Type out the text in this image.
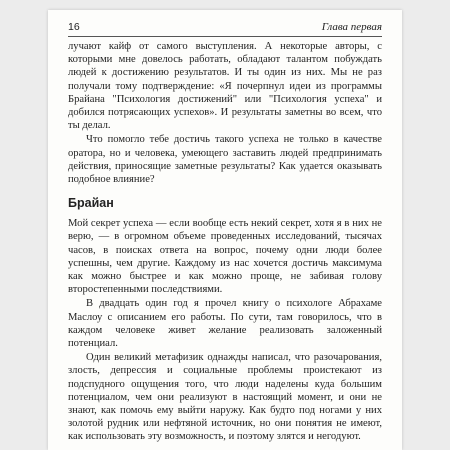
16	Глава первая

лучают кайф от самого выступления. А некоторые авторы, с которыми мне довелось работать, обладают талантом побуждать людей к достижению результатов. И ты один из них. Мы не раз получали тому подтверждение: «Я почерпнул идеи из программы Брайана "Психология достижений" или "Психология успеха" и добился потрясающих успехов». И результаты заметны во всем, что ты делал.

Что помогло тебе достичь такого успеха не только в качестве оратора, но и человека, умеющего заставить людей предпринимать действия, приносящие заметные результаты? Как удается оказывать подобное влияние?

Брайан

Мой секрет успеха — если вообще есть некий секрет, хотя я в них не верю, — в огромном объеме проведенных исследований, тысячах часов, в поисках ответа на вопрос, почему одни люди более успешны, чем другие. Каждому из нас хочется достичь максимума как можно быстрее и как можно проще, не забивая голову второстепенными последствиями.

В двадцать один год я прочел книгу о психологе Абрахаме Маслоу с описанием его работы. По сути, там говорилось, что в каждом человеке живет желание реализовать заложенный потенциал.

Один великий метафизик однажды написал, что разочарования, злость, депрессия и социальные проблемы проистекают из подспудного ощущения того, что люди наделены куда большим потенциалом, чем они реализуют в настоящий момент, и они не знают, как помочь ему выйти наружу. Как будто под ногами у них золотой рудник или нефтяной источник, но они понятия не имеют, как использовать эту возможность, и поэтому злятся и негодуют.
